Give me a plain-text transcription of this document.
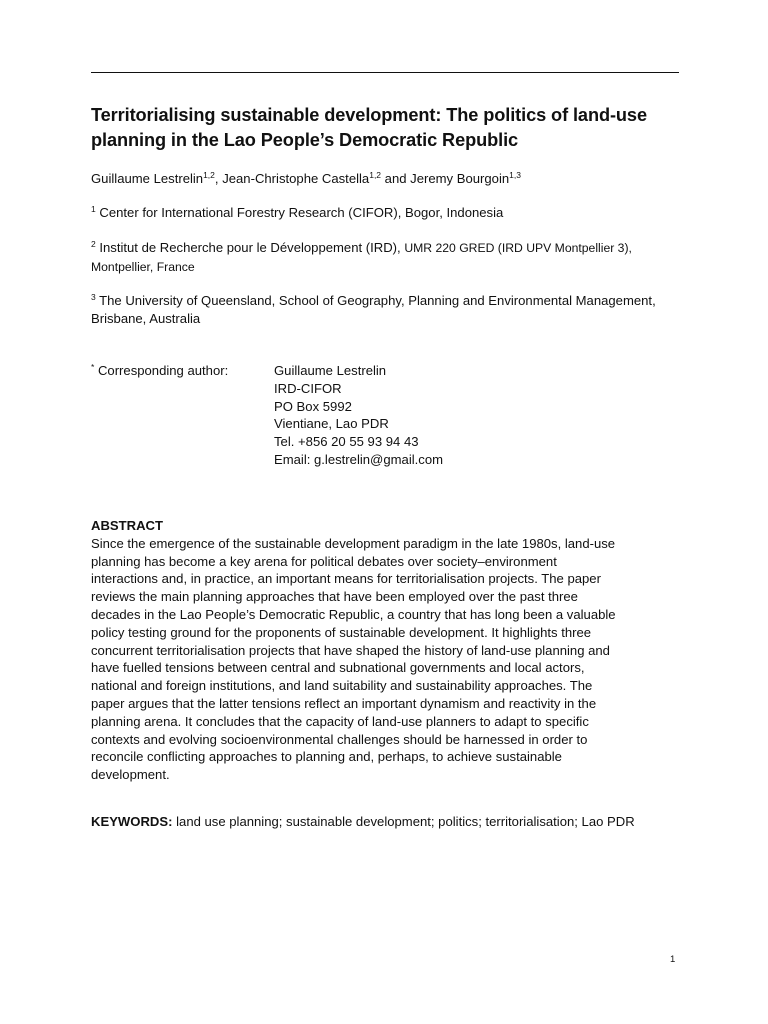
Territorialising sustainable development: The politics of land-use planning in the Lao People’s Democratic Republic
Guillaume Lestrelin$^{1,2}$, Jean-Christophe Castella$^{1,2}$ and Jeremy Bourgoin$^{1,3}$
$^1$ Center for International Forestry Research (CIFOR), Bogor, Indonesia
$^2$ Institut de Recherche pour le Développement (IRD), UMR 220 GRED (IRD UPV Montpellier 3),
Montpellier, France
$^3$ The University of Queensland, School of Geography, Planning and Environmental Management, Brisbane, Australia
* Corresponding author:	Guillaume Lestrelin
IRD-CIFOR
PO Box 5992
Vientiane, Lao PDR
Tel. +856 20 55 93 94 43
Email: g.lestrelin@gmail.com
ABSTRACT
Since the emergence of the sustainable development paradigm in the late 1980s, land-use
planning has become a key arena for political debates over society–environment
interactions and, in practice, an important means for territorialisation projects. The paper
reviews the main planning approaches that have been employed over the past three
decades in the Lao People’s Democratic Republic, a country that has long been a valuable
policy testing ground for the proponents of sustainable development. It highlights three
concurrent territorialisation projects that have shaped the history of land-use planning and
have fuelled tensions between central and subnational governments and local actors,
national and foreign institutions, and land suitability and sustainability approaches. The
paper argues that the latter tensions reflect an important dynamism and reactivity in the
planning arena. It concludes that the capacity of land-use planners to adapt to specific
contexts and evolving socioenvironmental challenges should be harnessed in order to
reconcile conflicting approaches to planning and, perhaps, to achieve sustainable
development.
KEYWORDS: land use planning; sustainable development; politics; territorialisation; Lao PDR
1
